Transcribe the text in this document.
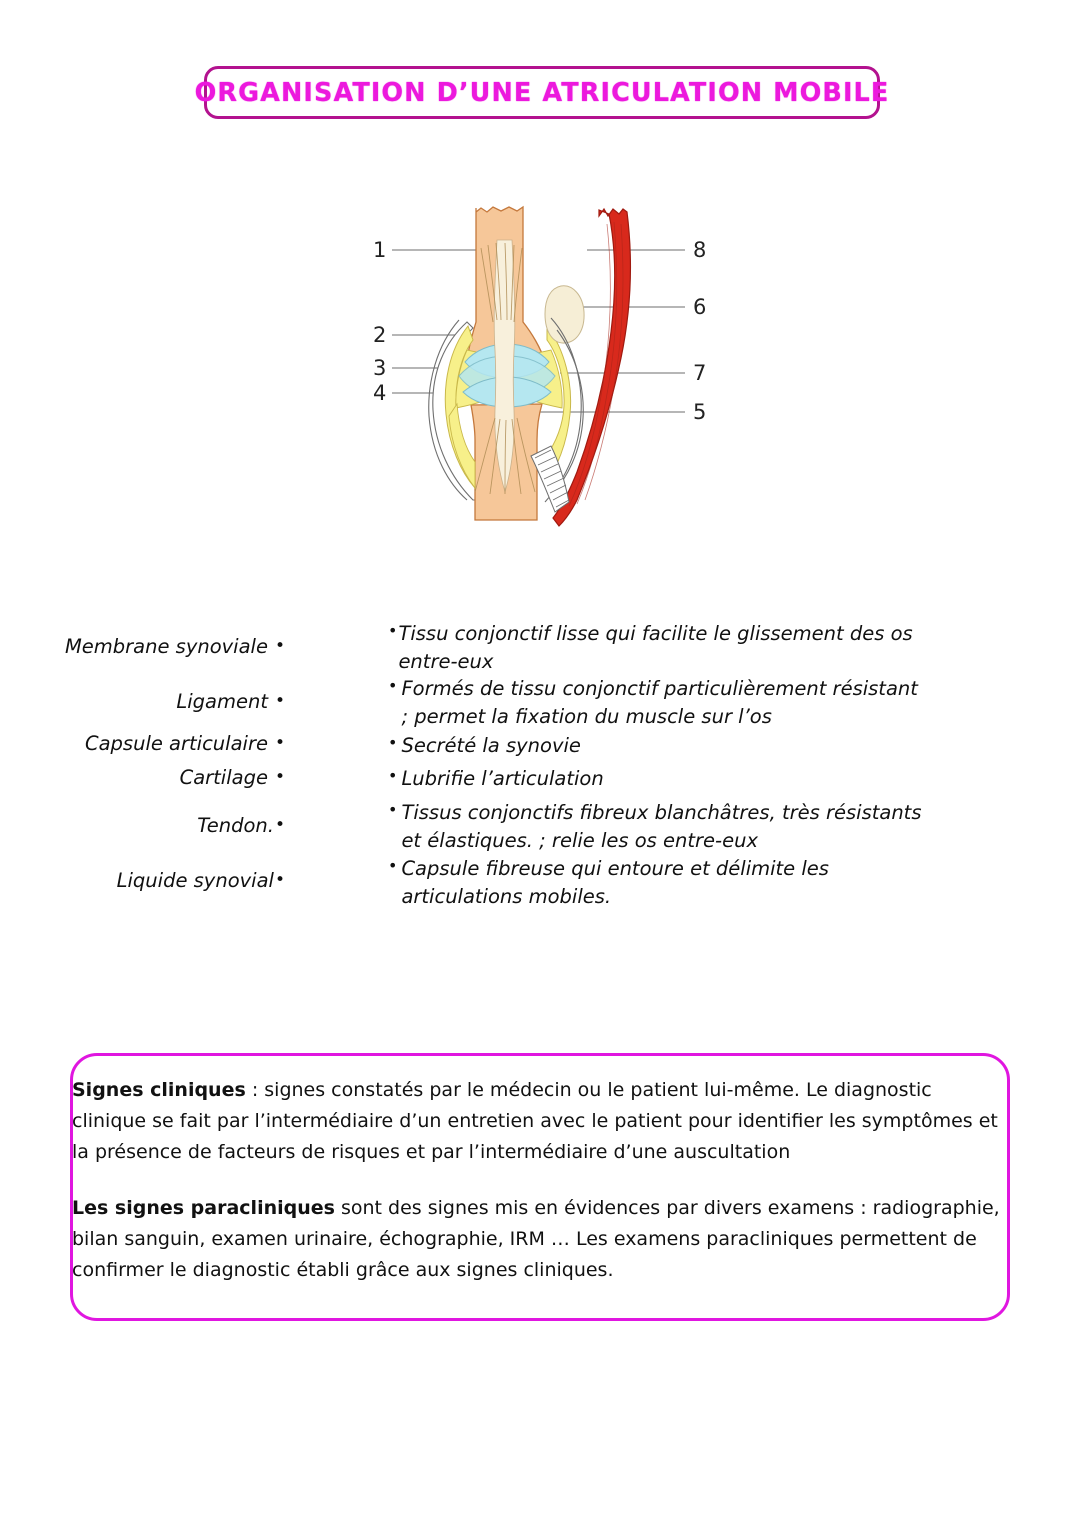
ORGANISATION D’UNE ATRICULATION MOBILE
1
2
3
4
8
6
7
5
Membrane synoviale •
Ligament •
Capsule articulaire •
Cartilage •
Tendon.•
Liquide synovial•
• Tissu conjonctif lisse qui facilite le glissement des os entre-eux
• Formés de tissu conjonctif particulièrement résistant ; permet la fixation du muscle sur l’os
• Secrété la synovie
• Lubrifie l’articulation
• Tissus conjonctifs fibreux blanchâtres, très résistants et élastiques. ; relie les os entre-eux
• Capsule fibreuse qui entoure et délimite les articulations mobiles.

Signes cliniques : signes constatés par le médecin ou le patient lui-même. Le diagnostic clinique se fait par l’intermédiaire d’un entretien avec le patient pour identifier les symptômes et la présence de facteurs de risques et par l’intermédiaire d’une auscultation

Les signes paracliniques sont des signes mis en évidences par divers examens : radiographie, bilan sanguin, examen urinaire, échographie, IRM … Les examens paracliniques permettent de confirmer le diagnostic établi grâce aux signes cliniques.
